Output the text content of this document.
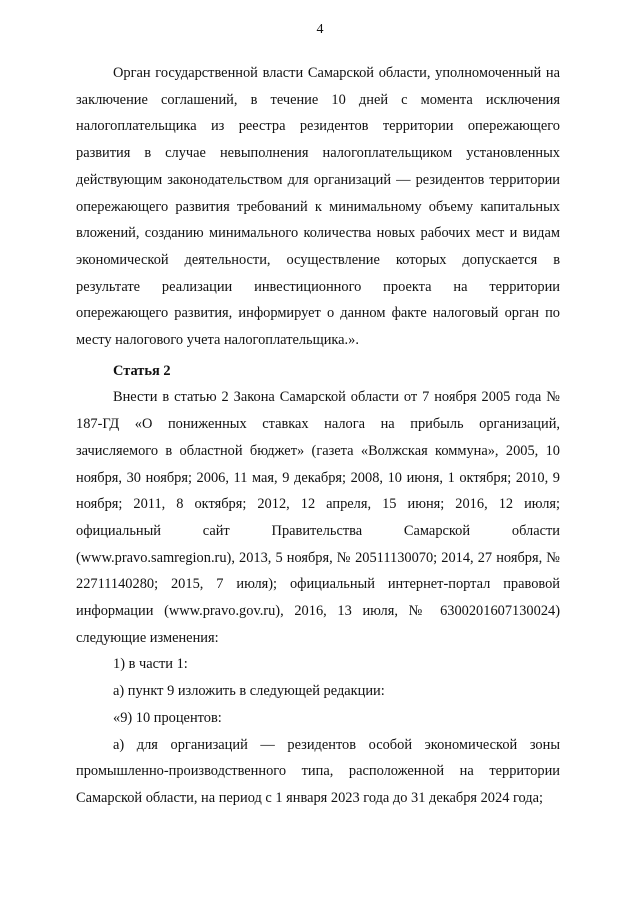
4

Орган государственной власти Самарской области, уполномоченный на заключение соглашений, в течение 10 дней с момента исключения налогоплательщика из реестра резидентов территории опережающего развития в случае невыполнения налогоплательщиком установленных действующим законодательством для организаций — резидентов территории опережающего развития требований к минимальному объему капитальных вложений, созданию минимального количества новых рабочих мест и видам экономической деятельности, осуществление которых допускается в результате реализации инвестиционного проекта на территории опережающего развития, информирует о данном факте налоговый орган по месту налогового учета налогоплательщика.».

Статья 2

Внести в статью 2 Закона Самарской области от 7 ноября 2005 года № 187-ГД «О пониженных ставках налога на прибыль организаций, зачисляемого в областной бюджет» (газета «Волжская коммуна», 2005, 10 ноября, 30 ноября; 2006, 11 мая, 9 декабря; 2008, 10 июня, 1 октября; 2010, 9 ноября; 2011, 8 октября; 2012, 12 апреля, 15 июня; 2016, 12 июля; официальный сайт Правительства Самарской области (www.pravo.samregion.ru), 2013, 5 ноября, № 20511130070; 2014, 27 ноября, № 22711140280; 2015, 7 июля); официальный интернет-портал правовой информации (www.pravo.gov.ru), 2016, 13 июля, № 6300201607130024) следующие изменения:

1) в части 1:

а) пункт 9 изложить в следующей редакции:

«9) 10 процентов:

а) для организаций — резидентов особой экономической зоны промышленно-производственного типа, расположенной на территории Самарской области, на период с 1 января 2023 года до 31 декабря 2024 года;
